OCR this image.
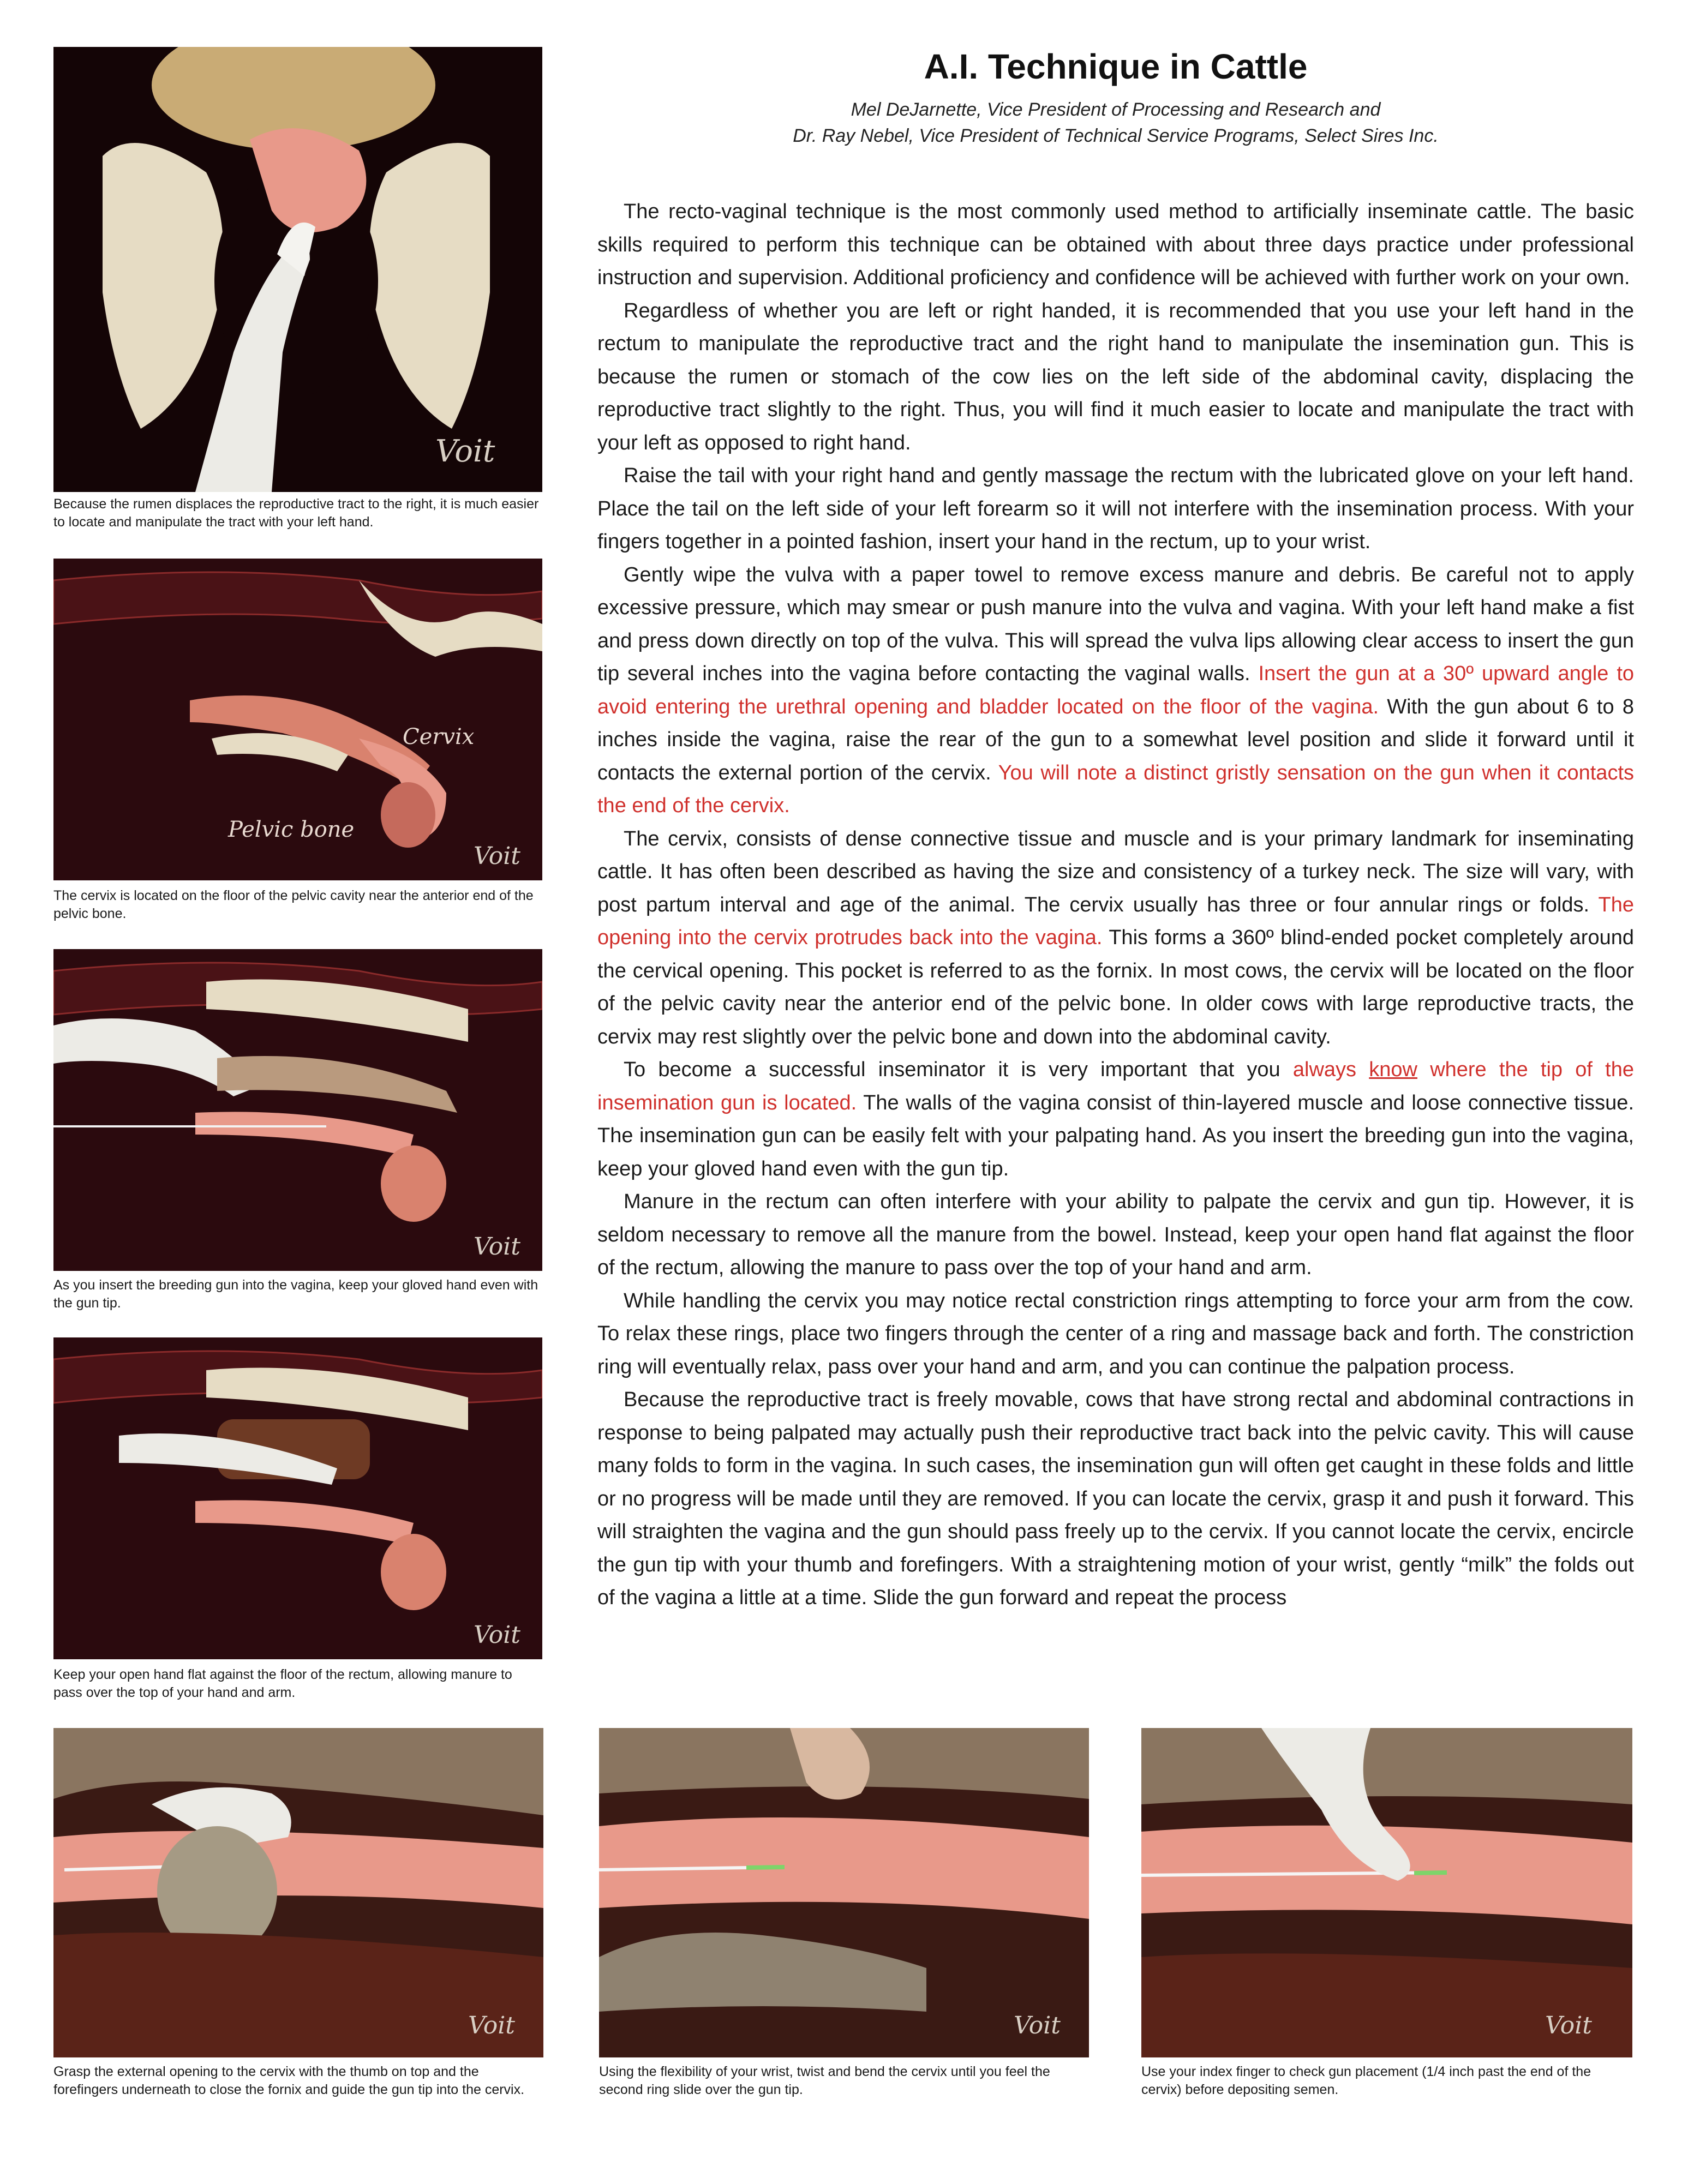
A.I. Technique in Cattle
Mel DeJarnette, Vice President of Processing and Research and
Dr. Ray Nebel, Vice President of Technical Service Programs, Select Sires Inc.

The recto-vaginal technique is the most commonly used method to artificially inseminate cattle. The basic skills required to perform this technique can be obtained with about three days practice under professional instruction and supervision. Additional proficiency and confidence will be achieved with further work on your own.

Regardless of whether you are left or right handed, it is recommended that you use your left hand in the rectum to manipulate the reproductive tract and the right hand to manipulate the insemination gun. This is because the rumen or stomach of the cow lies on the left side of the abdominal cavity, displacing the reproductive tract slightly to the right. Thus, you will find it much easier to locate and manipulate the tract with your left as opposed to right hand.

Raise the tail with your right hand and gently massage the rectum with the lubricated glove on your left hand. Place the tail on the left side of your left forearm so it will not interfere with the insemination process. With your fingers together in a pointed fashion, insert your hand in the rectum, up to your wrist.

Gently wipe the vulva with a paper towel to remove excess manure and debris. Be careful not to apply excessive pressure, which may smear or push manure into the vulva and vagina. With your left hand make a fist and press down directly on top of the vulva. This will spread the vulva lips allowing clear access to insert the gun tip several inches into the vagina before contacting the vaginal walls. Insert the gun at a 30º upward angle to avoid entering the urethral opening and bladder located on the floor of the vagina. With the gun about 6 to 8 inches inside the vagina, raise the rear of the gun to a somewhat level position and slide it forward until it contacts the external portion of the cervix. You will note a distinct gristly sensation on the gun when it contacts the end of the cervix.

The cervix, consists of dense connective tissue and muscle and is your primary landmark for inseminating cattle. It has often been described as having the size and consistency of a turkey neck. The size will vary, with post partum interval and age of the animal. The cervix usually has three or four annular rings or folds. The opening into the cervix protrudes back into the vagina. This forms a 360º blind-ended pocket completely around the cervical opening. This pocket is referred to as the fornix. In most cows, the cervix will be located on the floor of the pelvic cavity near the anterior end of the pelvic bone. In older cows with large reproductive tracts, the cervix may rest slightly over the pelvic bone and down into the abdominal cavity.

To become a successful inseminator it is very important that you always know where the tip of the insemination gun is located. The walls of the vagina consist of thin-layered muscle and loose connective tissue. The insemination gun can be easily felt with your palpating hand. As you insert the breeding gun into the vagina, keep your gloved hand even with the gun tip.

Manure in the rectum can often interfere with your ability to palpate the cervix and gun tip. However, it is seldom necessary to remove all the manure from the bowel. Instead, keep your open hand flat against the floor of the rectum, allowing the manure to pass over the top of your hand and arm.

While handling the cervix you may notice rectal constriction rings attempting to force your arm from the cow. To relax these rings, place two fingers through the center of a ring and massage back and forth. The constriction ring will eventually relax, pass over your hand and arm, and you can continue the palpation process.

Because the reproductive tract is freely movable, cows that have strong rectal and abdominal contractions in response to being palpated may actually push their reproductive tract back into the pelvic cavity. This will cause many folds to form in the vagina. In such cases, the insemination gun will often get caught in these folds and little or no progress will be made until they are removed. If you can locate the cervix, grasp it and push it forward. This will straighten the vagina and the gun should pass freely up to the cervix. If you cannot locate the cervix, encircle the gun tip with your thumb and forefingers. With a straightening motion of your wrist, gently “milk” the folds out of the vagina a little at a time. Slide the gun forward and repeat the process

Voit
Because the rumen displaces the reproductive tract to the right, it is much easier to locate and manipulate the tract with your left hand.
Cervix
Pelvic bone
Voit
The cervix is located on the floor of the pelvic cavity near the anterior end of the pelvic bone.
Voit
As you insert the breeding gun into the vagina, keep your gloved hand even with the gun tip.
Voit
Keep your open hand flat against the floor of the rectum, allowing manure to pass over the top of your hand and arm.
Voit
Grasp the external opening to the cervix with the thumb on top and the forefingers underneath to close the fornix and guide the gun tip into the cervix.
Voit
Using the flexibility of your wrist, twist and bend the cervix until you feel the second ring slide over the gun tip.
Voit
Use your index finger to check gun placement (1/4 inch past the end of the cervix) before depositing semen.
